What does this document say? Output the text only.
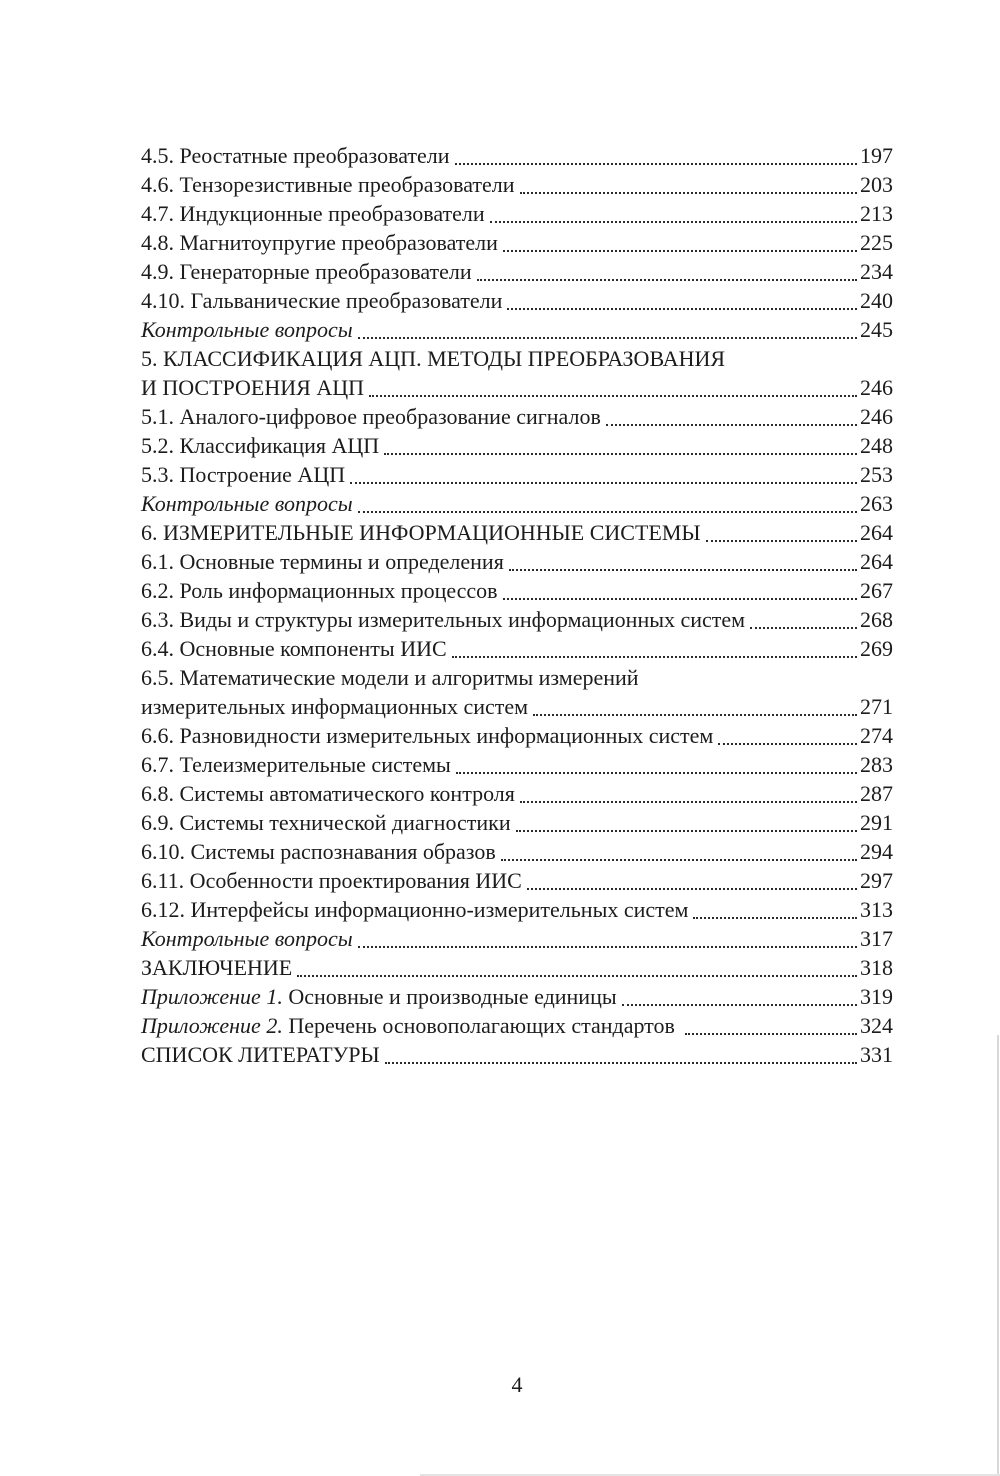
4.5. Реостатные преобразователи	197
4.6. Тензорезистивные преобразователи	203
4.7. Индукционные преобразователи	213
4.8. Магнитоупругие преобразователи	225
4.9. Генераторные преобразователи	234
4.10. Гальванические преобразователи	240
Контрольные вопросы	245
5. КЛАССИФИКАЦИЯ АЦП. МЕТОДЫ ПРЕОБРАЗОВАНИЯ
И ПОСТРОЕНИЯ АЦП	246
5.1. Аналого-цифровое преобразование сигналов	246
5.2. Классификация АЦП	248
5.3. Построение АЦП	253
Контрольные вопросы	263
6. ИЗМЕРИТЕЛЬНЫЕ ИНФОРМАЦИОННЫЕ СИСТЕМЫ	264
6.1. Основные термины и определения	264
6.2. Роль информационных процессов	267
6.3. Виды и структуры измерительных информационных систем	268
6.4. Основные компоненты ИИС	269
6.5. Математические модели и алгоритмы измерений
измерительных информационных систем	271
6.6. Разновидности измерительных информационных систем	274
6.7. Телеизмерительные системы	283
6.8. Системы автоматического контроля	287
6.9. Системы технической диагностики	291
6.10. Системы распознавания образов	294
6.11. Особенности проектирования ИИС	297
6.12. Интерфейсы информационно-измерительных систем	313
Контрольные вопросы	317
ЗАКЛЮЧЕНИЕ	318
Приложение 1. Основные и производные единицы	319
Приложение 2. Перечень основополагающих стандартов	324
СПИСОК ЛИТЕРАТУРЫ	331
4
